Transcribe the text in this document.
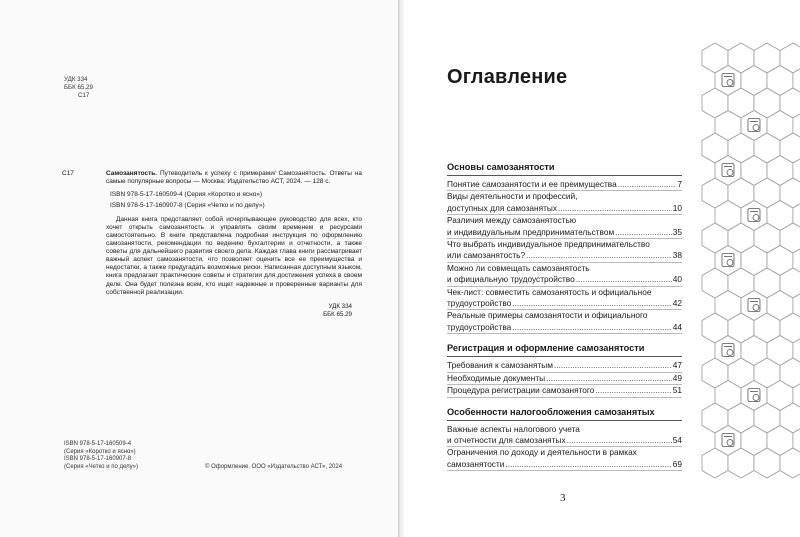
УДК 334
ББК 65.29
С17
С17	Самозанятость. Путеводитель к успеху с примерами/ Самозанятость. Ответы на самые популярные вопросы — Москва: Издательство АСТ, 2024. — 128 с.
ISBN 978-5-17-160509-4 (Серия «Коротко и ясно»)
ISBN 978-5-17-160907-8 (Серия «Четко и по делу»)
Данная книга представляет собой исчерпывающее руководство для всех, кто хочет открыть самозанятость и управлять своим временем и ресурсами самостоятельно. В книге представлена подробная инструкция по оформлению самозанятости, рекомендации по ведению бухгалтерии и отчетности, а также советы для дальнейшего развития своего дела. Каждая глава книги рассматривает важный аспект самозанятости, что позволяет оценить все ее преимущества и недостатки, а также предугадать возможные риски. Написанная доступным языком, книга предлагает практические советы и стратегии для достижения успеха в своем деле. Она будет полезна всем, кто ищет надежные и проверенные варианты для собственной реализации.
УДК 334
ББК 65.29
ISBN 978-5-17-160509-4
(Серия «Коротко и ясно»)
ISBN 978-5-17-160907-8
(Серия «Четко и по делу»)	© Оформление. ООО «Издательство АСТ», 2024
Оглавление
Основы самозанятости
Понятие самозанятости и ее преимущества .....	7
Виды деятельности и профессий,
доступных для самозанятых .....	10
Различия между самозанятостью
и индивидуальным предпринимательством .....	35
Что выбрать индивидуальное предпринимательство
или самозанятость? .....	38
Можно ли совмещать самозанятость
и официальную трудоустройство .....	40
Чек-лист: совместить самозанятость и официальное
трудоустройство .....	42
Реальные примеры самозанятости и официального
трудоустройства .....	44
Регистрация и оформление самозанятости
Требования к самозанятым .....	47
Необходимые документы .....	49
Процедура регистрации самозанятого .....	51
Особенности налогообложения самозанятых
Важные аспекты налогового учета
и отчетности для самозанятых .....	54
Ограничения по доходу и деятельности в рамках
самозанятости .....	69
3
